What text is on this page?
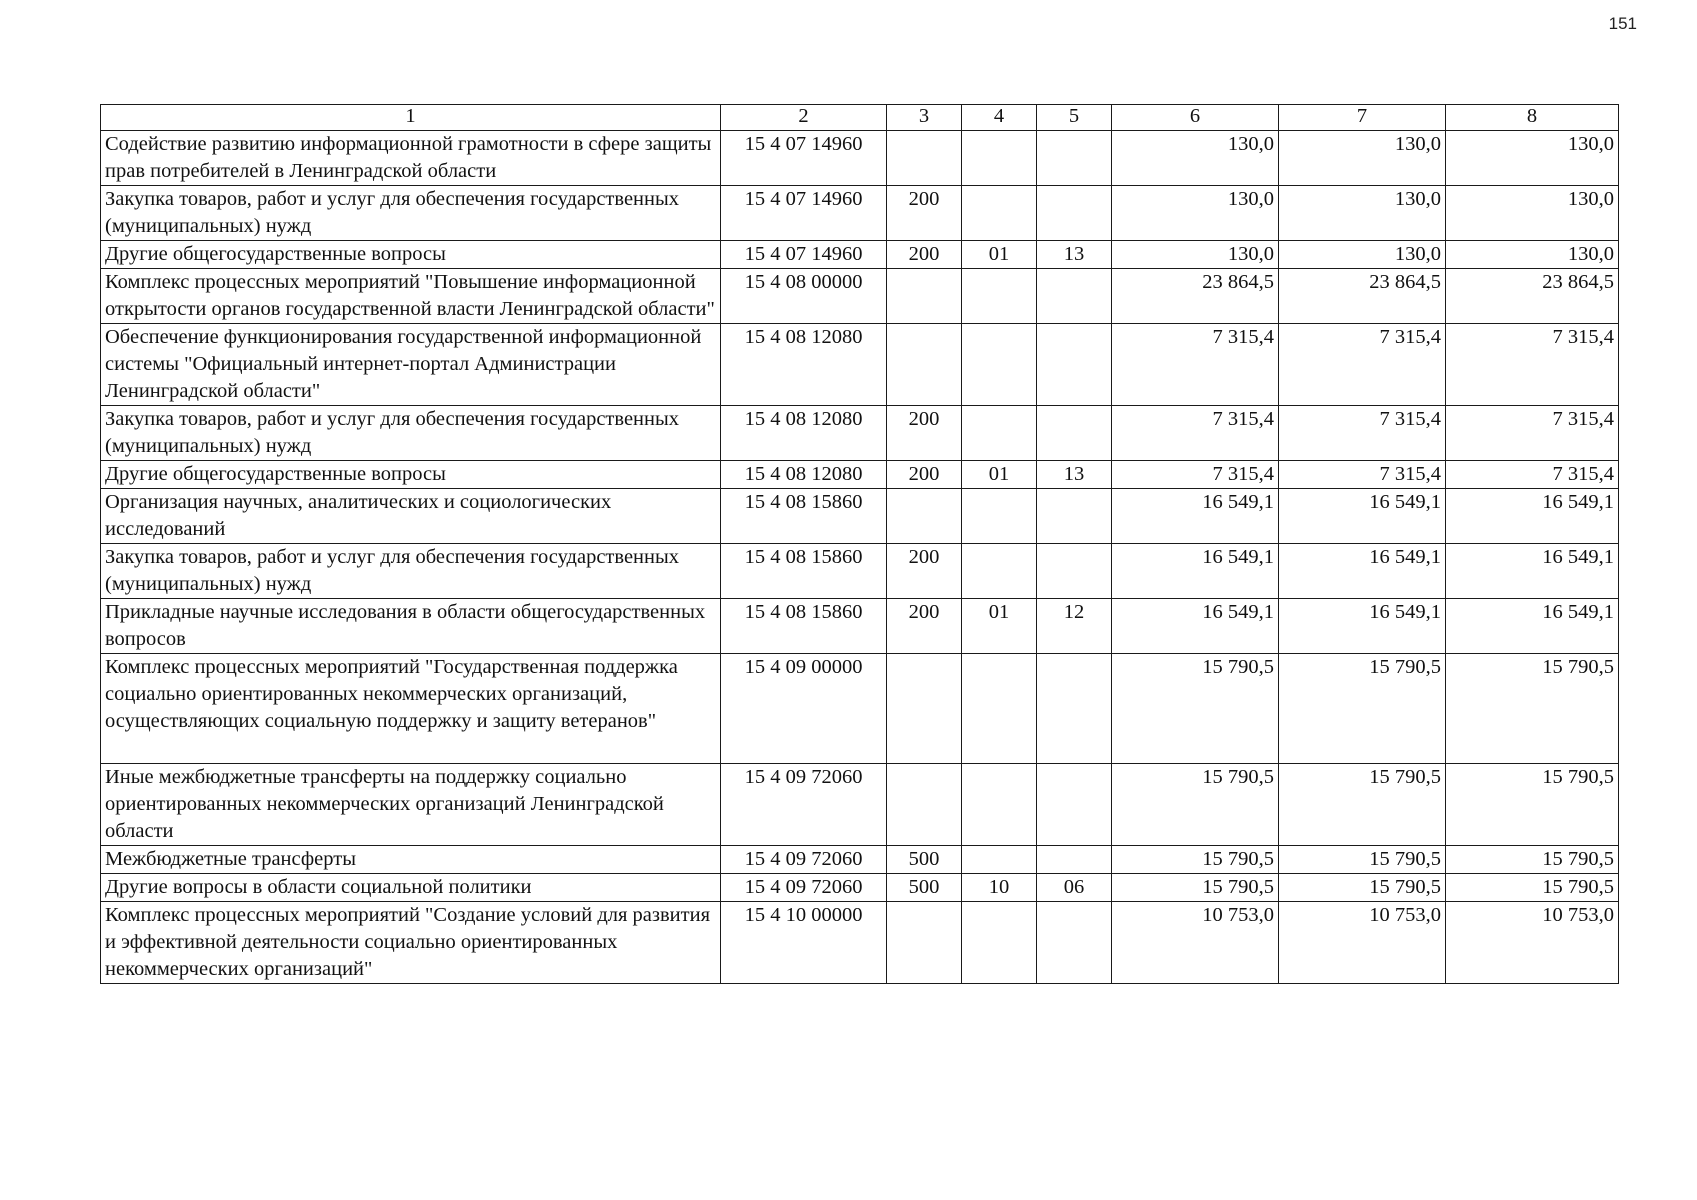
151
1	2	3	4	5	6	7	8
Содействие развитию информационной грамотности в сфере защиты прав потребителей в Ленинградской области	15 4 07 14960				130,0	130,0	130,0
Закупка товаров, работ и услуг для обеспечения государственных (муниципальных) нужд	15 4 07 14960	200			130,0	130,0	130,0
Другие общегосударственные вопросы	15 4 07 14960	200	01	13	130,0	130,0	130,0
Комплекс процессных мероприятий "Повышение информационной открытости органов государственной власти Ленинградской области"	15 4 08 00000				23 864,5	23 864,5	23 864,5
Обеспечение функционирования государственной информационной системы "Официальный интернет-портал Администрации Ленинградской области"	15 4 08 12080				7 315,4	7 315,4	7 315,4
Закупка товаров, работ и услуг для обеспечения государственных (муниципальных) нужд	15 4 08 12080	200			7 315,4	7 315,4	7 315,4
Другие общегосударственные вопросы	15 4 08 12080	200	01	13	7 315,4	7 315,4	7 315,4
Организация научных, аналитических и социологических исследований	15 4 08 15860				16 549,1	16 549,1	16 549,1
Закупка товаров, работ и услуг для обеспечения государственных (муниципальных) нужд	15 4 08 15860	200			16 549,1	16 549,1	16 549,1
Прикладные научные исследования в области общегосударственных вопросов	15 4 08 15860	200	01	12	16 549,1	16 549,1	16 549,1
Комплекс процессных мероприятий "Государственная поддержка социально ориентированных некоммерческих организаций, осуществляющих социальную поддержку и защиту ветеранов"	15 4 09 00000				15 790,5	15 790,5	15 790,5
Иные межбюджетные трансферты на поддержку социально ориентированных некоммерческих организаций Ленинградской области	15 4 09 72060				15 790,5	15 790,5	15 790,5
Межбюджетные трансферты	15 4 09 72060	500			15 790,5	15 790,5	15 790,5
Другие вопросы в области социальной политики	15 4 09 72060	500	10	06	15 790,5	15 790,5	15 790,5
Комплекс процессных мероприятий "Создание условий для развития и эффективной деятельности социально ориентированных некоммерческих организаций"	15 4 10 00000				10 753,0	10 753,0	10 753,0
